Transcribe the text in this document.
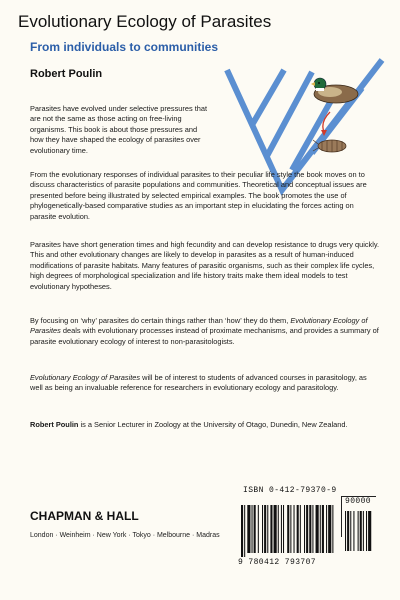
Evolutionary Ecology of Parasites
From individuals to communities
Robert Poulin

Parasites have evolved under selective pressures that are not the same as those acting on free-living organisms. This book is about those pressures and how they have shaped the ecology of parasites over evolutionary time.

From the evolutionary responses of individual parasites to their peculiar life style the book moves on to discuss characteristics of parasite populations and communities. Theoretical and conceptual issues are presented before being illustrated by selected empirical examples. The book promotes the use of phylogenetically-based comparative studies as an important step in elucidating the forces acting on parasite evolution.

Parasites have short generation times and high fecundity and can develop resistance to drugs very quickly. This and other evolutionary changes are likely to develop in parasites as a result of human-induced modifications of parasite habitats. Many features of parasitic organisms, such as their complex life cycles, high degrees of morphological specialization and life history traits make them ideal models to test evolutionary hypotheses.

By focusing on ‘why’ parasites do certain things rather than ‘how’ they do them, Evolutionary Ecology of Parasites deals with evolutionary processes instead of proximate mechanisms, and provides a summary of parasite evolutionary ecology of interest to non-parasitologists.

Evolutionary Ecology of Parasites will be of interest to students of advanced courses in parasitology, as well as being an invaluable reference for researchers in evolutionary ecology and parasitology.

Robert Poulin is a Senior Lecturer in Zoology at the University of Otago, Dunedin, New Zealand.

CHAPMAN & HALL
London · Weinheim · New York · Tokyo · Melbourne · Madras
ISBN 0-412-79370-9
90000
9 780412 793707
